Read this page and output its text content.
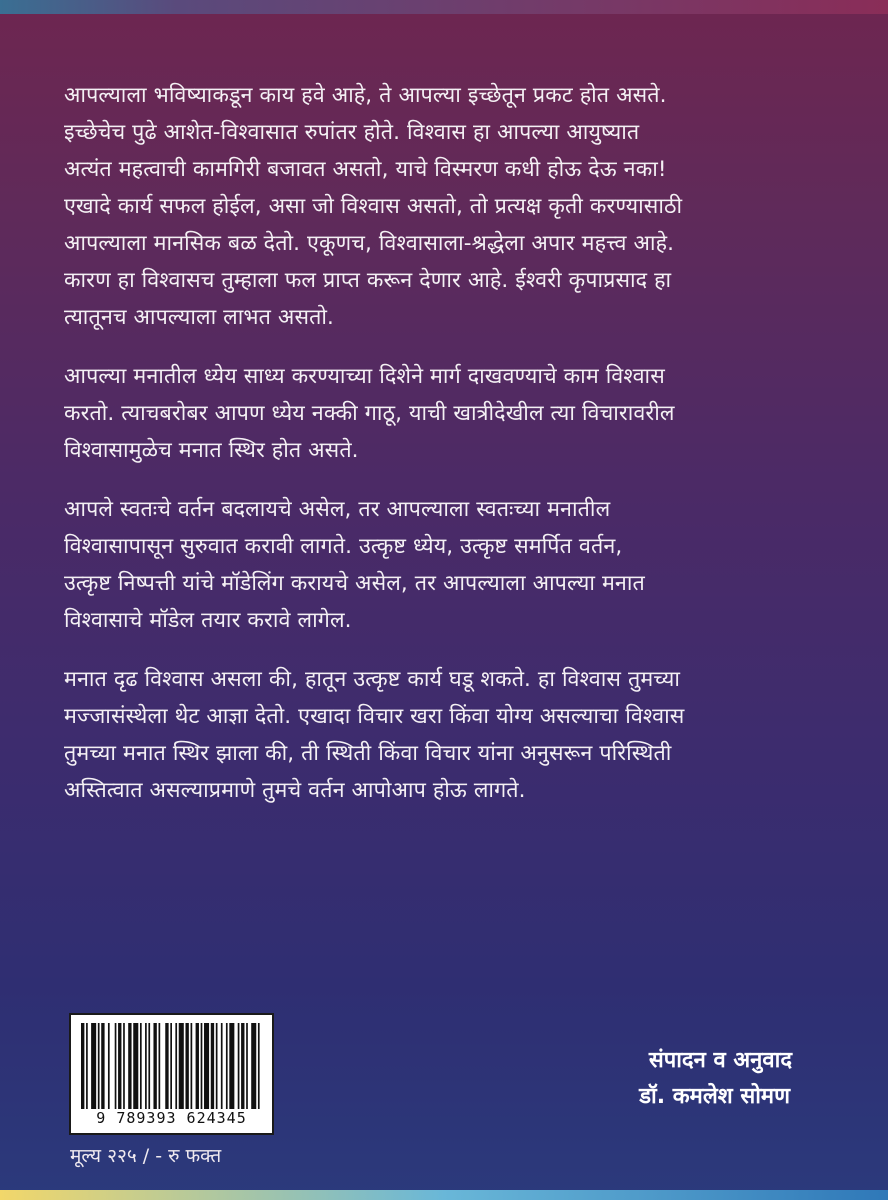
आपल्याला भविष्याकडून काय हवे आहे, ते आपल्या इच्छेतून प्रकट होत असते.
इच्छेचेच पुढे आशेत-विश्वासात रुपांतर होते. विश्वास हा आपल्या आयुष्यात
अत्यंत महत्वाची कामगिरी बजावत असतो, याचे विस्मरण कधी होऊ देऊ नका!
एखादे कार्य सफल होईल, असा जो विश्वास असतो, तो प्रत्यक्ष कृती करण्यासाठी
आपल्याला मानसिक बळ देतो. एकूणच, विश्वासाला-श्रद्धेला अपार महत्त्व आहे.
कारण हा विश्वासच तुम्हाला फल प्राप्त करून देणार आहे. ईश्वरी कृपाप्रसाद हा
त्यातूनच आपल्याला लाभत असतो.

आपल्या मनातील ध्येय साध्य करण्याच्या दिशेने मार्ग दाखवण्याचे काम विश्वास
करतो. त्याचबरोबर आपण ध्येय नक्की गाठू, याची खात्रीदेखील त्या विचारावरील
विश्वासामुळेच मनात स्थिर होत असते.

आपले स्वतःचे वर्तन बदलायचे असेल, तर आपल्याला स्वतःच्या मनातील
विश्वासापासून सुरुवात करावी लागते. उत्कृष्ट ध्येय, उत्कृष्ट समर्पित वर्तन,
उत्कृष्ट निष्पत्ती यांचे मॉडेलिंग करायचे असेल, तर आपल्याला आपल्या मनात
विश्वासाचे मॉडेल तयार करावे लागेल.

मनात दृढ विश्वास असला की, हातून उत्कृष्ट कार्य घडू शकते. हा विश्वास तुमच्या
मज्जासंस्थेला थेट आज्ञा देतो. एखादा विचार खरा किंवा योग्य असल्याचा विश्वास
तुमच्या मनात स्थिर झाला की, ती स्थिती किंवा विचार यांना अनुसरून परिस्थिती
अस्तित्वात असल्याप्रमाणे तुमचे वर्तन आपोआप होऊ लागते.

9 789393 624345
मूल्य २२५ / - रु फक्त
संपादन व अनुवाद
डॉ. कमलेश सोमण
